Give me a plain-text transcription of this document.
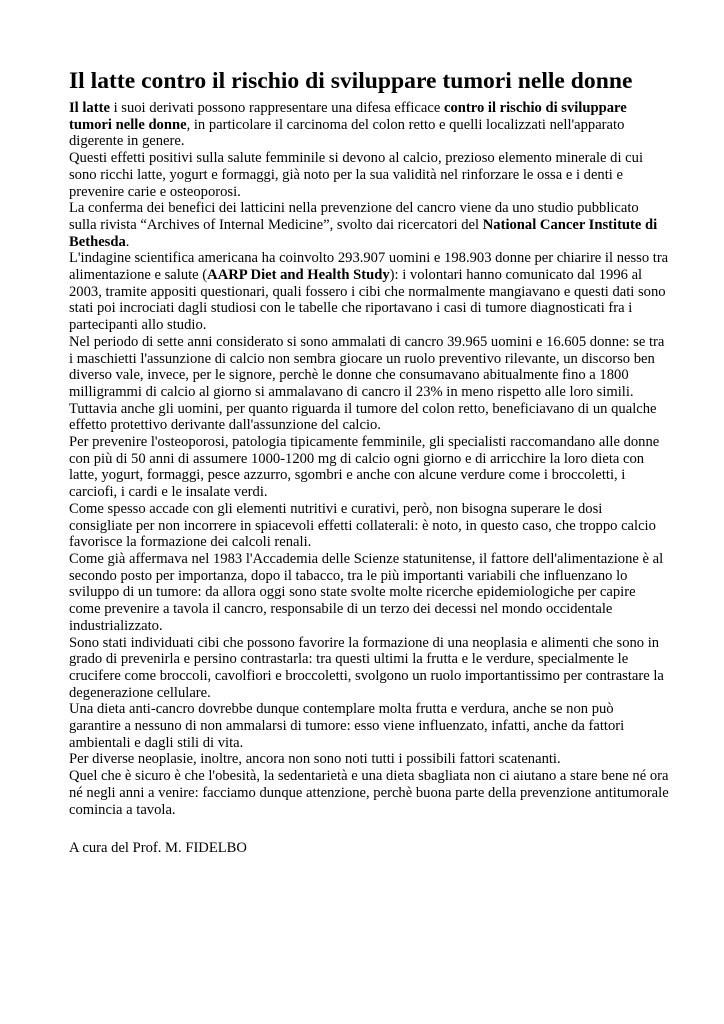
Il latte contro il rischio di sviluppare tumori nelle donne

Il latte i suoi derivati possono rappresentare una difesa efficace contro il rischio di sviluppare tumori nelle donne, in particolare il carcinoma del colon retto e quelli localizzati nell'apparato digerente in genere.

Questi effetti positivi sulla salute femminile si devono al calcio, prezioso elemento minerale di cui sono ricchi latte, yogurt e formaggi, già noto per la sua validità nel rinforzare le ossa e i denti e prevenire carie e osteoporosi.

La conferma dei benefici dei latticini nella prevenzione del cancro viene da uno studio pubblicato sulla rivista “Archives of Internal Medicine”, svolto dai ricercatori del National Cancer Institute di Bethesda.

L'indagine scientifica americana ha coinvolto 293.907 uomini e 198.903 donne per chiarire il nesso tra alimentazione e salute (AARP Diet and Health Study): i volontari hanno comunicato dal 1996 al 2003, tramite appositi questionari, quali fossero i cibi che normalmente mangiavano e questi dati sono stati poi incrociati dagli studiosi con le tabelle che riportavano i casi di tumore diagnosticati fra i partecipanti allo studio.

Nel periodo di sette anni considerato si sono ammalati di cancro 39.965 uomini e 16.605 donne: se tra i maschietti l'assunzione di calcio non sembra giocare un ruolo preventivo rilevante, un discorso ben diverso vale, invece, per le signore, perchè le donne che consumavano abitualmente fino a 1800 milligrammi di calcio al giorno si ammalavano di cancro il 23% in meno rispetto alle loro simili. Tuttavia anche gli uomini, per quanto riguarda il tumore del colon retto, beneficiavano di un qualche effetto protettivo derivante dall'assunzione del calcio.

Per prevenire l'osteoporosi, patologia tipicamente femminile, gli specialisti raccomandano alle donne con più di 50 anni di assumere 1000-1200 mg di calcio ogni giorno e di arricchire la loro dieta con latte, yogurt, formaggi, pesce azzurro, sgombri e anche con alcune verdure come i broccoletti, i carciofi, i cardi e le insalate verdi.

Come spesso accade con gli elementi nutritivi e curativi, però, non bisogna superare le dosi consigliate per non incorrere in spiacevoli effetti collaterali: è noto, in questo caso, che troppo calcio favorisce la formazione dei calcoli renali.

Come già affermava nel 1983 l'Accademia delle Scienze statunitense, il fattore dell'alimentazione è al secondo posto per importanza, dopo il tabacco, tra le più importanti variabili che influenzano lo sviluppo di un tumore: da allora oggi sono state svolte molte ricerche epidemiologiche per capire come prevenire a tavola il cancro, responsabile di un terzo dei decessi nel mondo occidentale industrializzato.

Sono stati individuati cibi che possono favorire la formazione di una neoplasia e alimenti che sono in grado di prevenirla e persino contrastarla: tra questi ultimi la frutta e le verdure, specialmente le crucifere come broccoli, cavolfiori e broccoletti, svolgono un ruolo importantissimo per contrastare la degenerazione cellulare.

Una dieta anti-cancro dovrebbe dunque contemplare molta frutta e verdura, anche se non può garantire a nessuno di non ammalarsi di tumore: esso viene influenzato, infatti, anche da fattori ambientali e dagli stili di vita.

Per diverse neoplasie, inoltre, ancora non sono noti tutti i possibili fattori scatenanti.

Quel che è sicuro è che l'obesità, la sedentarietà e una dieta sbagliata non ci aiutano a stare bene né ora né negli anni a venire: facciamo dunque attenzione, perchè buona parte della prevenzione antitumorale comincia a tavola.

A cura del Prof. M. FIDELBO
